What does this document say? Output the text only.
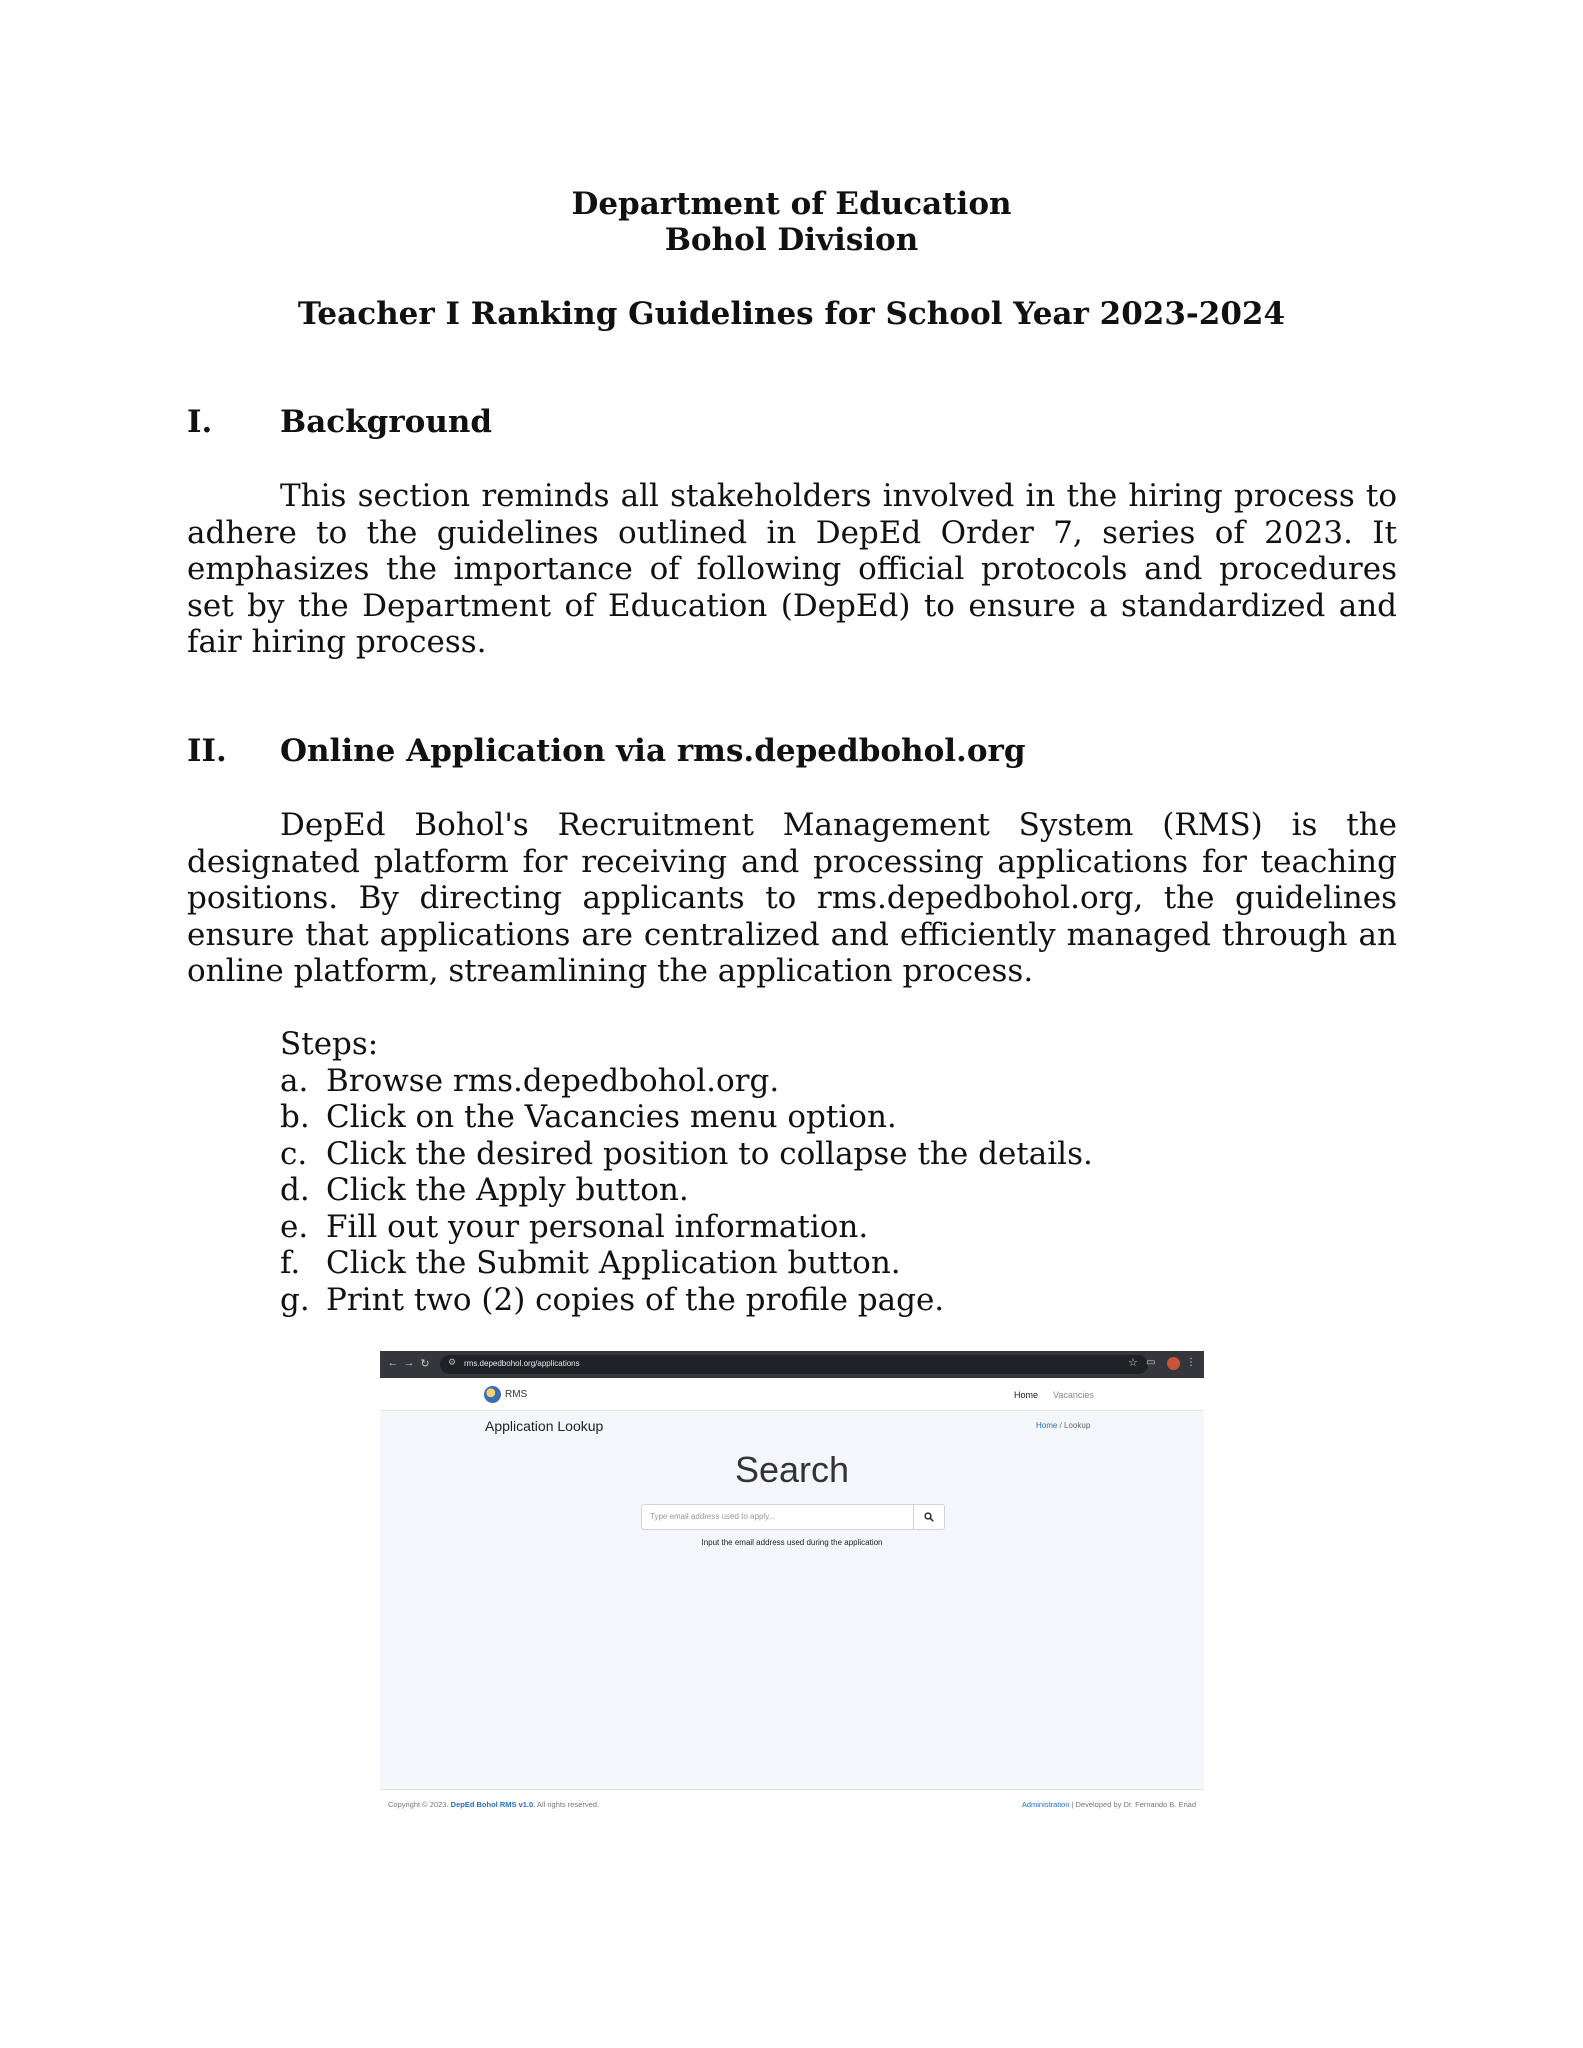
Department of Education
Bohol Division
Teacher I Ranking Guidelines for School Year 2023-2024
I. Background

This section reminds all stakeholders involved in the hiring process to adhere to the guidelines outlined in DepEd Order 7, series of 2023. It emphasizes the importance of following official protocols and procedures set by the Department of Education (DepEd) to ensure a standardized and fair hiring process.

II. Online Application via rms.depedbohol.org

DepEd Bohol's Recruitment Management System (RMS) is the designated platform for receiving and processing applications for teaching positions. By directing applicants to rms.depedbohol.org, the guidelines ensure that applications are centralized and efficiently managed through an online platform, streamlining the application process.

Steps:
a. Browse rms.depedbohol.org.
b. Click on the Vacancies menu option.
c. Click the desired position to collapse the details.
d. Click the Apply button.
e. Fill out your personal information.
f. Click the Submit Application button.
g. Print two (2) copies of the profile page.
← → ↻ ⚙ rms.depedbohol.org/applications	☆ ▭	⋮
RMS	Home Vacancies
Application Lookup	Home / Lookup
Search
Type email address used to apply...
Input the email address used during the application
Copyright © 2023. DepEd Bohol RMS v1.0. All rights reserved.	Administration | Developed by Dr. Fernando B. Enad
